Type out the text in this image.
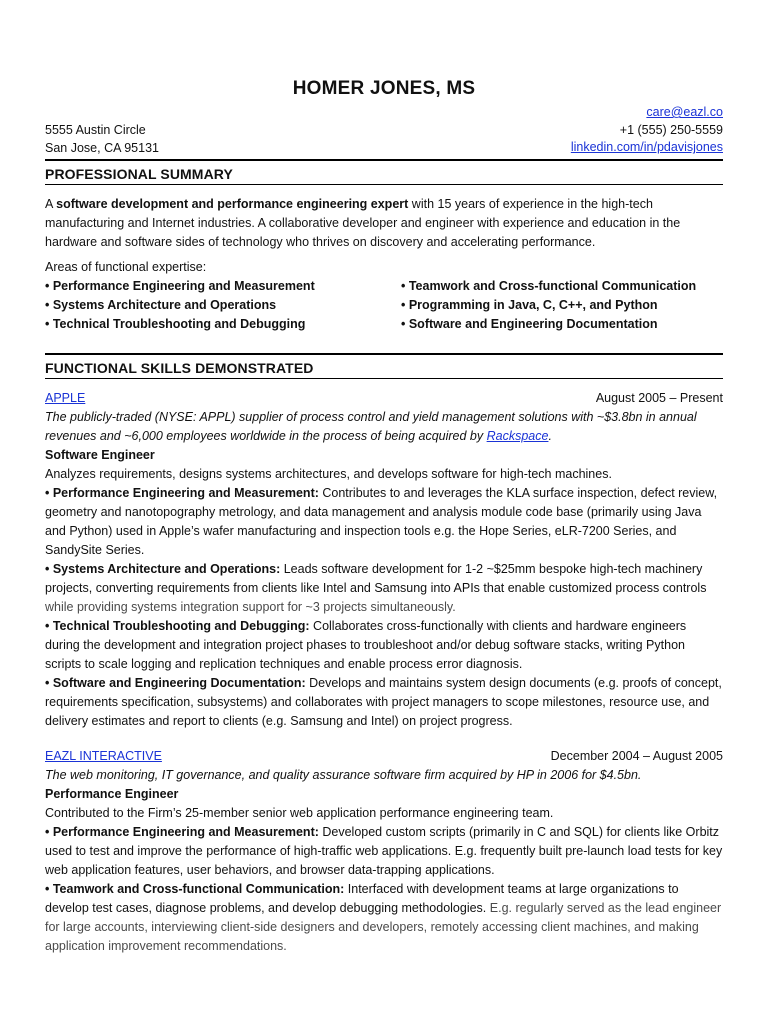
HOMER JONES, MS
5555 Austin Circle
San Jose, CA 95131
care@eazl.co
+1 (555) 250-5559
linkedin.com/in/pdavisjones
PROFESSIONAL SUMMARY

A software development and performance engineering expert with 15 years of experience in the high-tech manufacturing and Internet industries. A collaborative developer and engineer with experience and education in the hardware and software sides of technology who thrives on discovery and accelerating performance.

Areas of functional expertise:
• Performance Engineering and Measurement
• Systems Architecture and Operations
• Technical Troubleshooting and Debugging
• Teamwork and Cross-functional Communication
• Programming in Java, C, C++, and Python
• Software and Engineering Documentation
FUNCTIONAL SKILLS DEMONSTRATED
APPLE	August 2005 – Present

The publicly-traded (NYSE: APPL) supplier of process control and yield management solutions with ~$3.8bn in annual revenues and ~6,000 employees worldwide in the process of being acquired by Rackspace.

Software Engineer

Analyzes requirements, designs systems architectures, and develops software for high-tech machines.

• Performance Engineering and Measurement: Contributes to and leverages the KLA surface inspection, defect review, geometry and nanotopography metrology, and data management and analysis module code base (primarily using Java and Python) used in Apple’s wafer manufacturing and inspection tools e.g. the Hope Series, eLR-7200 Series, and SandySite Series.

• Systems Architecture and Operations: Leads software development for 1-2 ~$25mm bespoke high-tech machinery projects, converting requirements from clients like Intel and Samsung into APIs that enable customized process controls while providing systems integration support for ~3 projects simultaneously.

• Technical Troubleshooting and Debugging: Collaborates cross-functionally with clients and hardware engineers during the development and integration project phases to troubleshoot and/or debug software stacks, writing Python scripts to scale logging and replication techniques and enable process error diagnosis.

• Software and Engineering Documentation: Develops and maintains system design documents (e.g. proofs of concept, requirements specification, subsystems) and collaborates with project managers to scope milestones, resource use, and delivery estimates and report to clients (e.g. Samsung and Intel) on project progress.

EAZL INTERACTIVE	December 2004 – August 2005

The web monitoring, IT governance, and quality assurance software firm acquired by HP in 2006 for $4.5bn.

Performance Engineer

Contributed to the Firm’s 25-member senior web application performance engineering team.

• Performance Engineering and Measurement: Developed custom scripts (primarily in C and SQL) for clients like Orbitz used to test and improve the performance of high-traffic web applications. E.g. frequently built pre-launch load tests for key web application features, user behaviors, and browser data-trapping applications.

• Teamwork and Cross-functional Communication: Interfaced with development teams at large organizations to develop test cases, diagnose problems, and develop debugging methodologies. E.g. regularly served as the lead engineer for large accounts, interviewing client-side designers and developers, remotely accessing client machines, and making application improvement recommendations.
